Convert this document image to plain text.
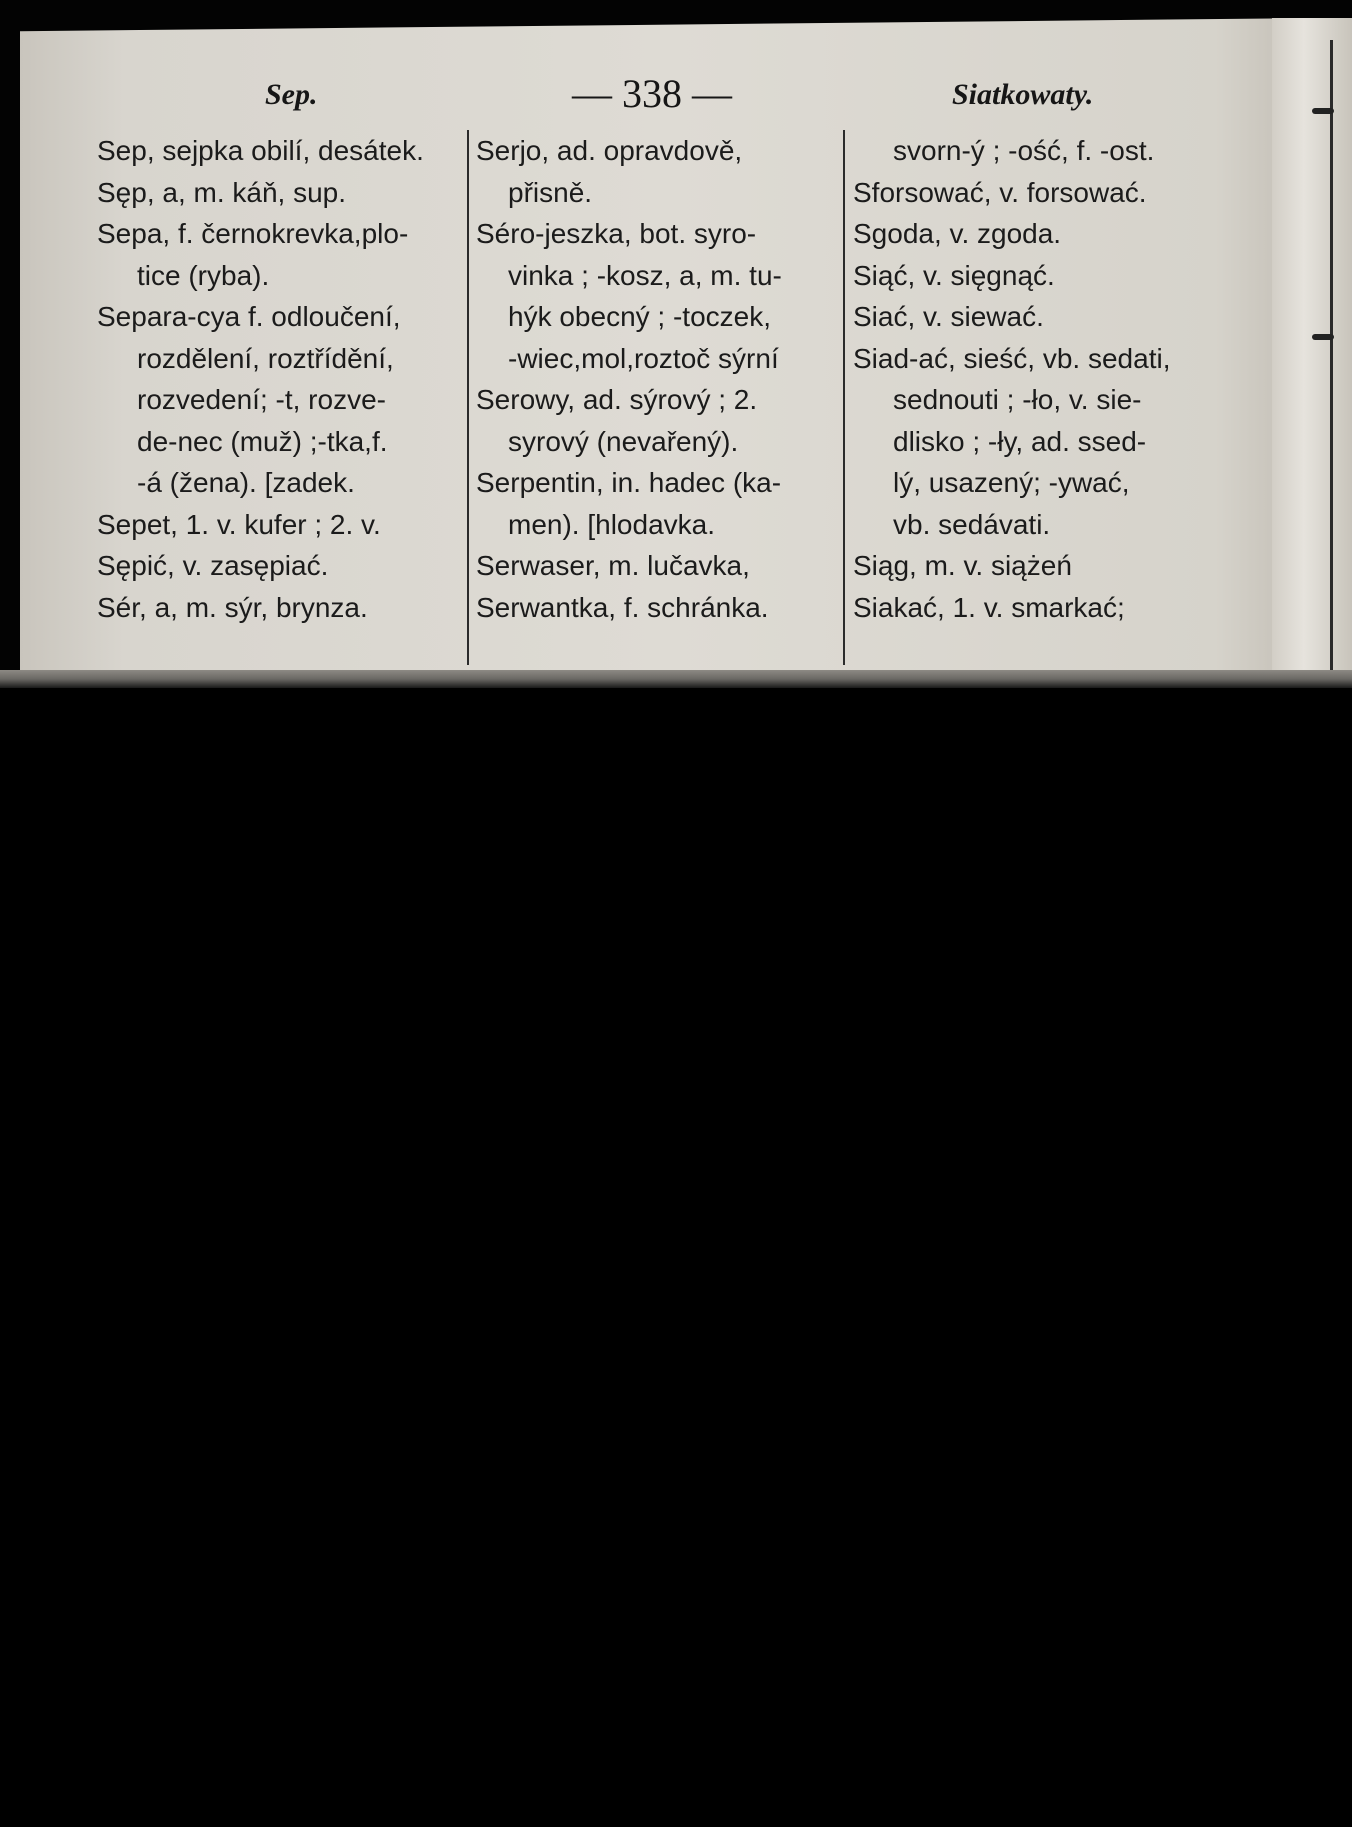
Sep.	— 338 —	Siatkowaty.
Sep, sejpka obilí, desátek.
Sęp, a, m. káň, sup.
Sepa, f. černokrevka,plo-
tice (ryba).
Separa-cya f. odloučení,
rozdělení, roztřídění,
rozvedení; -t, rozve-
de-nec (muž) ;-tka,f.
-á (žena). [zadek.
Sepet, 1. v. kufer ; 2. v.
Sępić, v. zasępiać.
Sér, a, m. sýr, brynza.
Serjo, ad. opravdově,
přisně.
Séro-jeszka, bot. syro-
vinka ; -kosz, a, m. tu-
hýk obecný ; -toczek,
-wiec,mol,roztoč sýrní
Serowy, ad. sýrový ; 2.
syrový (nevařený).
Serpentin, in. hadec (ka-
men). [hlodavka.
Serwaser, m. lučavka,
Serwantka, f. schránka.
svorn-ý ; -ość, f. -ost.
Sforsować, v. forsować.
Sgoda, v. zgoda.
Siąć, v. sięgnąć.
Siać, v. siewać.
Siad-ać, sieść, vb. sedati,
sednouti ; -ło, v. sie-
dlisko ; -ły, ad. ssed-
lý, usazený; -ywać,
vb. sedávati.
Siąg, m. v. siążeń
Siakać, 1. v. smarkać;
